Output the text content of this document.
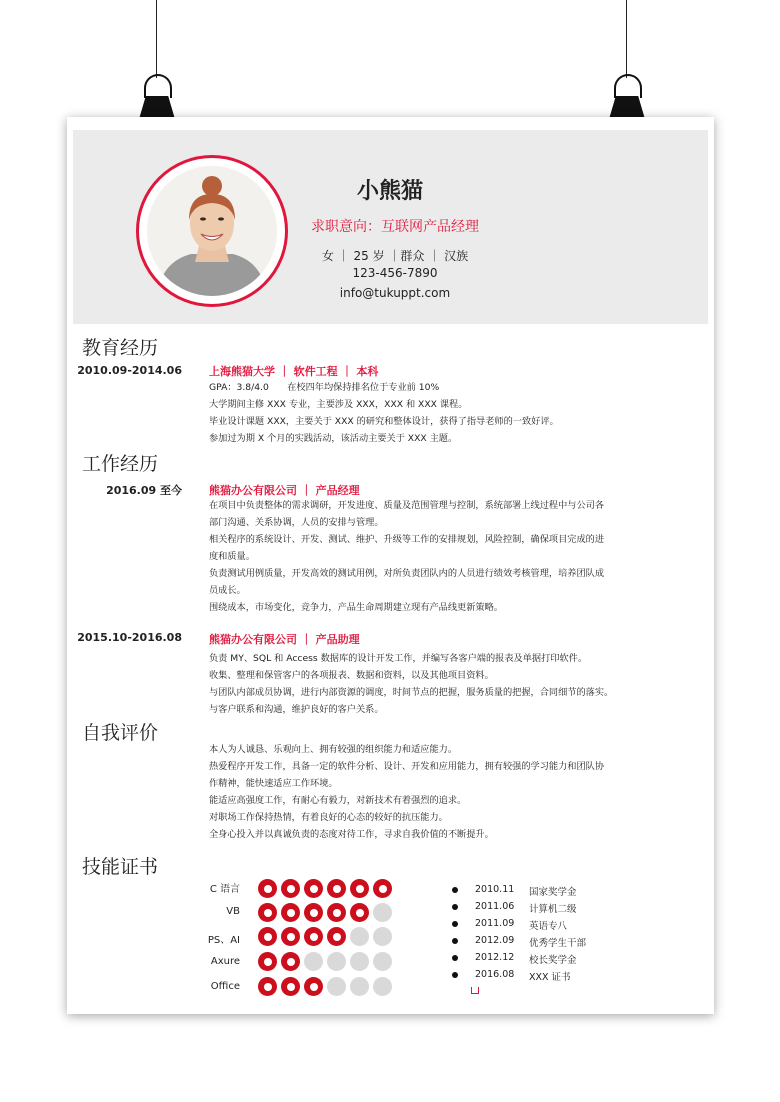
小熊猫
求职意向：互联网产品经理
女 ｜ 25 岁 ｜群众 ｜ 汉族
123-456-7890
info@tukuppt.com
教育经历
2010.09-2014.06 上海熊猫大学 ｜ 软件工程 ｜ 本科
GPA：3.8/4.0　　在校四年均保持排名位于专业前 10%
大学期间主修 XXX 专业，主要涉及 XXX，XXX 和 XXX 课程。
毕业设计课题 XXX，主要关于 XXX 的研究和整体设计，获得了指导老师的一致好评。
参加过为期 X 个月的实践活动，该活动主要关于 XXX 主题。
工作经历
2016.09 至今 熊猫办公有限公司 ｜ 产品经理
在项目中负责整体的需求调研，开发进度、质量及范围管理与控制，系统部署上线过程中与公司各
部门沟通、关系协调，人员的安排与管理。
相关程序的系统设计、开发、测试、维护、升级等工作的安排规划，风险控制，确保项目完成的进
度和质量。
负责测试用例质量，开发高效的测试用例，对所负责团队内的人员进行绩效考核管理，培养团队成
员成长。
围绕成本，市场变化，竞争力，产品生命周期建立现有产品线更新策略。
2015.10-2016.08 熊猫办公有限公司 ｜ 产品助理
负责 MY、SQL 和 Access 数据库的设计开发工作，并编写各客户端的报表及单据打印软件。
收集、整理和保管客户的各项报表、数据和资料，以及其他项目资料。
与团队内部成员协调，进行内部资源的调度，时间节点的把握，服务质量的把握，合同细节的落实。
与客户联系和沟通，维护良好的客户关系。
自我评价
本人为人诚恳、乐观向上、拥有较强的组织能力和适应能力。
热爱程序开发工作，具备一定的软件分析、设计、开发和应用能力，拥有较强的学习能力和团队协
作精神，能快速适应工作环境。
能适应高强度工作，有耐心有毅力，对新技术有着强烈的追求。
对职场工作保持热情，有着良好的心态的较好的抗压能力。
全身心投入并以真诚负责的态度对待工作，寻求自我价值的不断提升。
技能证书
C 语言
VB
PS、AI
Axure
Office
2010.11 国家奖学金
2011.06 计算机二级
2011.09 英语专八
2012.09 优秀学生干部
2012.12 校长奖学金
2016.08 XXX 证书
